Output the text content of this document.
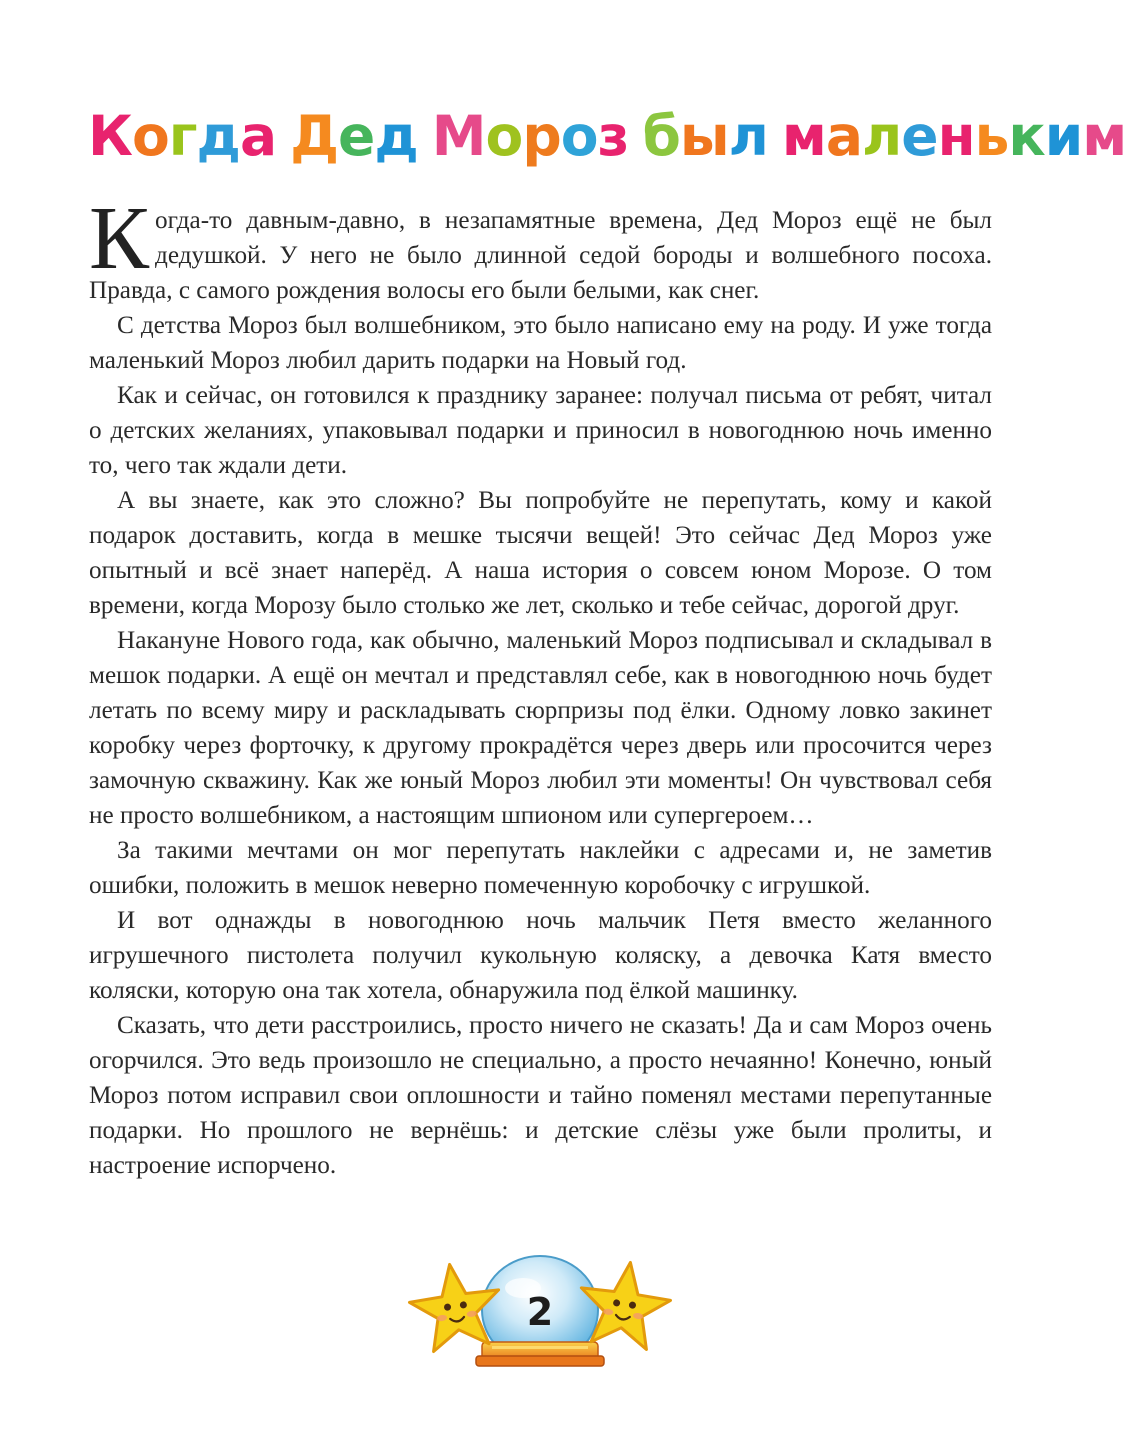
Когда Дед Мороз был маленьким

Когда-то давным-давно, в незапамятные времена, Дед Мороз ещё не был дедушкой. У него не было длинной седой бороды и волшебного посоха. Правда, с самого рождения волосы его были белыми, как снег.

С детства Мороз был волшебником, это было написано ему на роду. И уже тогда маленький Мороз любил дарить подарки на Новый год.

Как и сейчас, он готовился к празднику заранее: получал письма от ребят, читал о детских желаниях, упаковывал подарки и приносил в новогоднюю ночь именно то, чего так ждали дети.

А вы знаете, как это сложно? Вы попробуйте не перепутать, кому и какой подарок доставить, когда в мешке тысячи вещей! Это сейчас Дед Мороз уже опытный и всё знает наперёд. А наша история о совсем юном Морозе. О том времени, когда Морозу было столько же лет, сколько и тебе сейчас, дорогой друг.

Накануне Нового года, как обычно, маленький Мороз подписывал и складывал в мешок подарки. А ещё он мечтал и представлял себе, как в новогоднюю ночь будет летать по всему миру и раскладывать сюрпризы под ёлки. Одному ловко закинет коробку через форточку, к другому прокрадётся через дверь или просочится через замочную скважину. Как же юный Мороз любил эти моменты! Он чувствовал себя не просто волшебником, а настоящим шпионом или супергероем…

За такими мечтами он мог перепутать наклейки с адресами и, не заметив ошибки, положить в мешок неверно помеченную коробочку с игрушкой.

И вот однажды в новогоднюю ночь мальчик Петя вместо желанного игрушечного пистолета получил кукольную коляску, а девочка Катя вместо коляски, которую она так хотела, обнаружила под ёлкой машинку.

Сказать, что дети расстроились, просто ничего не сказать! Да и сам Мороз очень огорчился. Это ведь произошло не специально, а просто нечаянно! Конечно, юный Мороз потом исправил свои оплошности и тайно поменял местами перепутанные подарки. Но прошлого не вернёшь: и детские слёзы уже были пролиты, и настроение испорчено.

2
